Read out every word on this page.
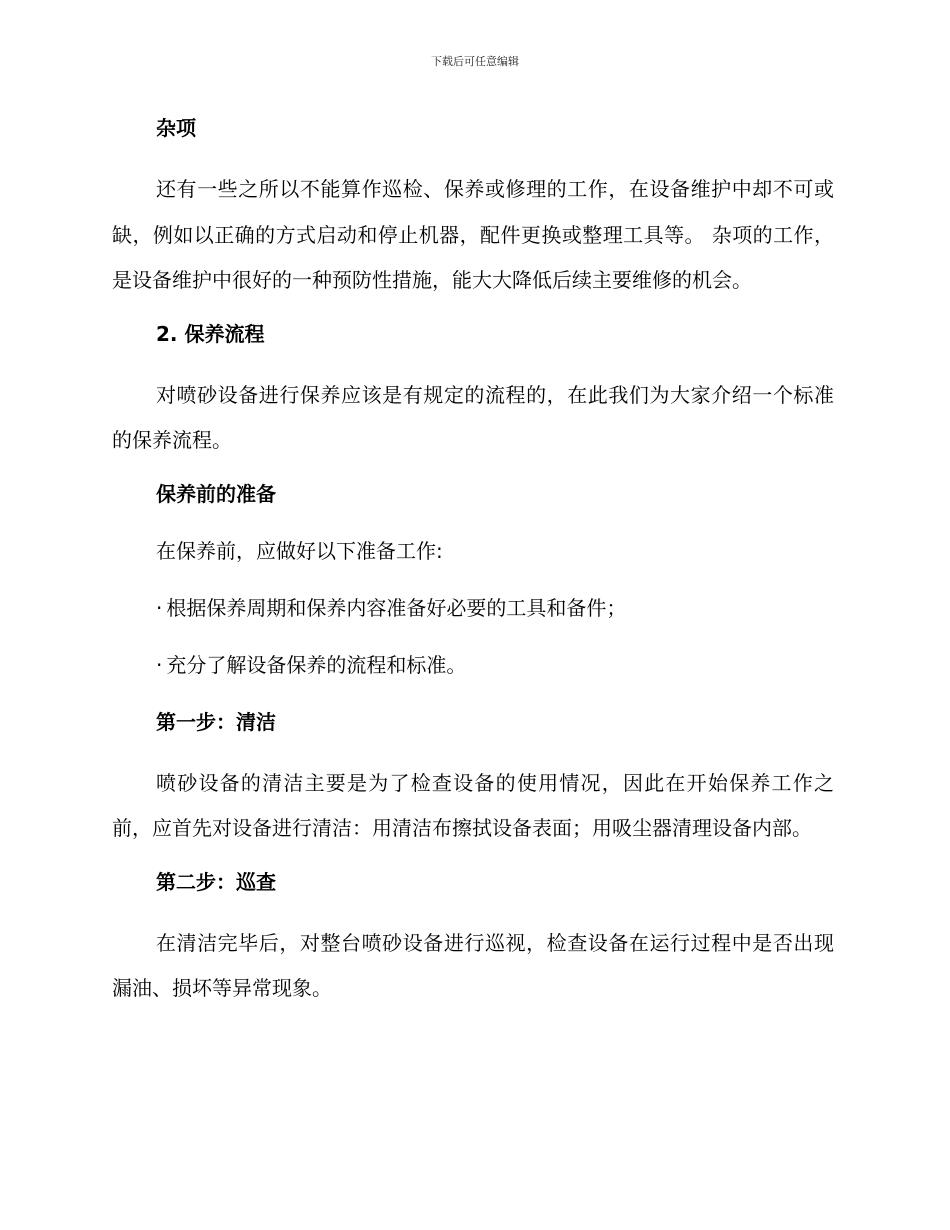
下载后可任意编辑
杂项
还有一些之所以不能算作巡检、保养或修理的工作，在设备维护中却不可或缺，例如以正确的方式启动和停止机器，配件更换或整理工具等。 杂项的工作，是设备维护中很好的一种预防性措施，能大大降低后续主要维修的机会。
2. 保养流程
对喷砂设备进行保养应该是有规定的流程的，在此我们为大家介绍一个标准的保养流程。
保养前的准备
在保养前，应做好以下准备工作:
· 根据保养周期和保养内容准备好必要的工具和备件；
· 充分了解设备保养的流程和标准。
第一步：清洁
喷砂设备的清洁主要是为了检查设备的使用情况，因此在开始保养工作之前，应首先对设备进行清洁：用清洁布擦拭设备表面；用吸尘器清理设备内部。
第二步：巡查
在清洁完毕后，对整台喷砂设备进行巡视，检查设备在运行过程中是否出现漏油、损坏等异常现象。
